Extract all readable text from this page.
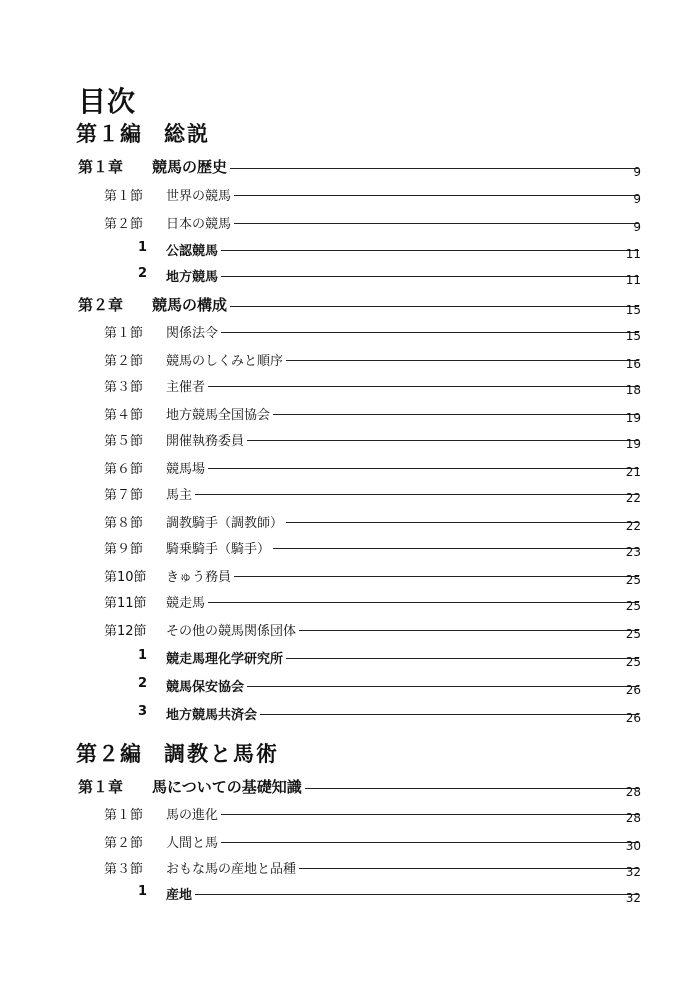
目次
第１編 総説
第１章 競馬の歴史	9
第１節 世界の競馬	9
第２節 日本の競馬	9
1 公認競馬	11
2 地方競馬	11
第２章 競馬の構成	15
第１節 関係法令	15
第２節 競馬のしくみと順序	16
第３節 主催者	18
第４節 地方競馬全国協会	19
第５節 開催執務委員	19
第６節 競馬場	21
第７節 馬主	22
第８節 調教騎手（調教師）	22
第９節 騎乗騎手（騎手）	23
第10節 きゅう務員	25
第11節 競走馬	25
第12節 その他の競馬関係団体	25
1 競走馬理化学研究所	25
2 競馬保安協会	26
3 地方競馬共済会	26
第２編 調教と馬術
第１章 馬についての基礎知識	28
第１節 馬の進化	28
第２節 人間と馬	30
第３節 おもな馬の産地と品種	32
1 産地	32
